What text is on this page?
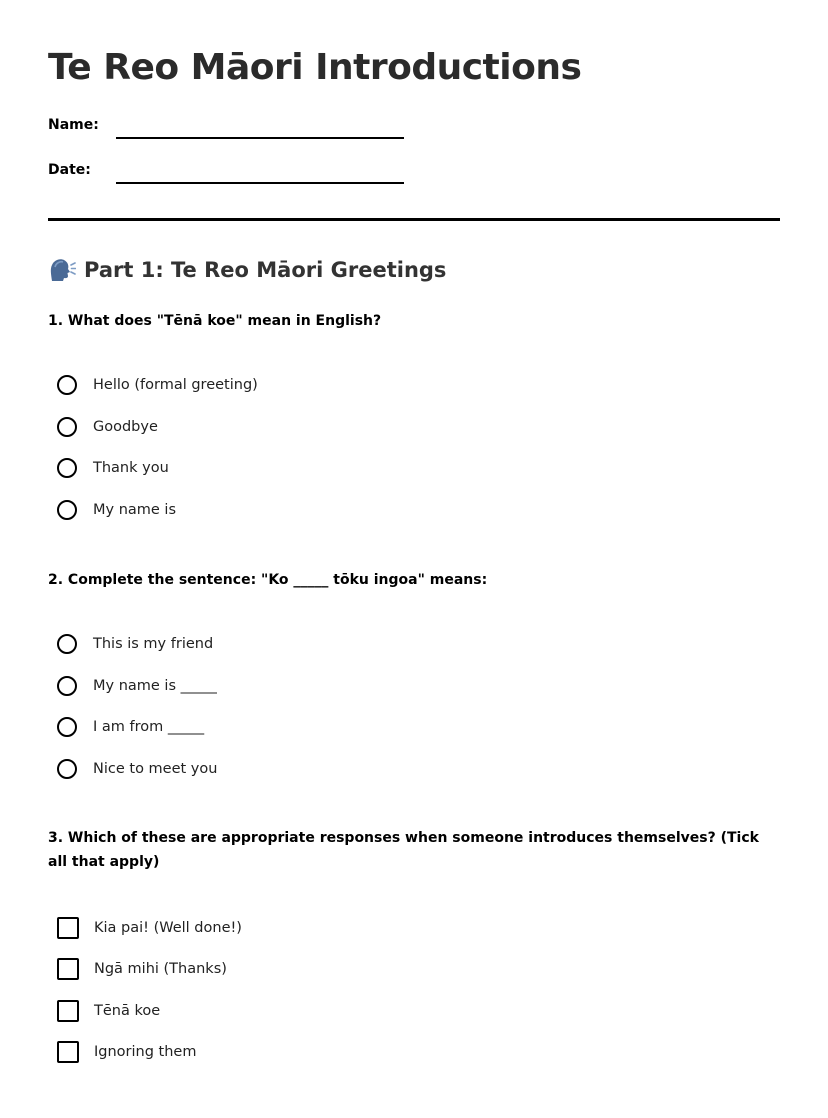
Te Reo Māori Introductions
Name:
Date:
Part 1: Te Reo Māori Greetings
1. What does "Tēnā koe" mean in English?
Hello (formal greeting)
Goodbye
Thank you
My name is
2. Complete the sentence: "Ko _____ tōku ingoa" means:
This is my friend
My name is _____
I am from _____
Nice to meet you
3. Which of these are appropriate responses when someone introduces themselves? (Tick all that apply)
Kia pai! (Well done!)
Ngā mihi (Thanks)
Tēnā koe
Ignoring them
